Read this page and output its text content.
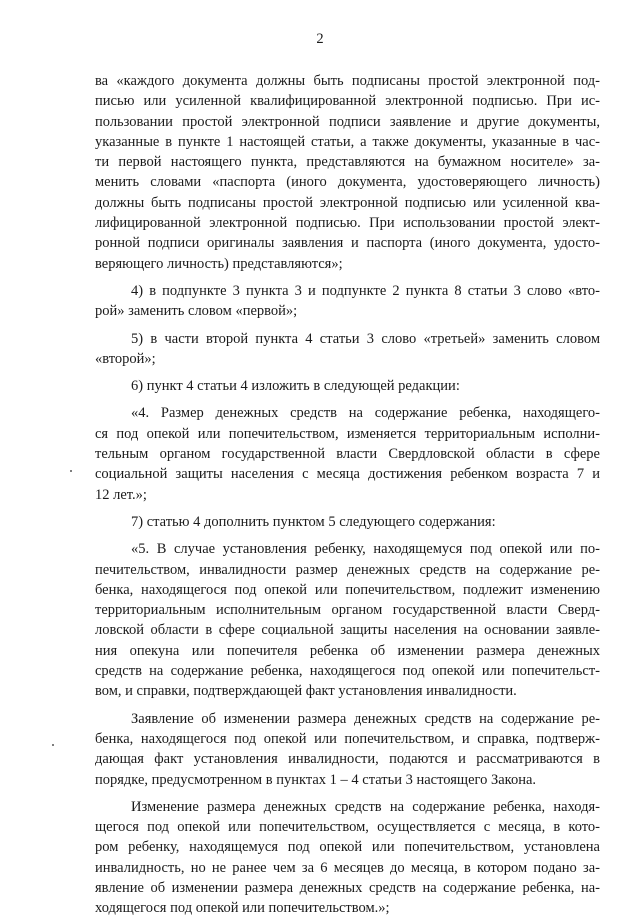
2
ва «каждого документа должны быть подписаны простой электронной под-
писью или усиленной квалифицированной электронной подписью. При ис-
пользовании простой электронной подписи заявление и другие документы,
указанные в пункте 1 настоящей статьи, а также документы, указанные в час-
ти первой настоящего пункта, представляются на бумажном носителе» за-
менить словами «паспорта (иного документа, удостоверяющего личность)
должны быть подписаны простой электронной подписью или усиленной ква-
лифицированной электронной подписью. При использовании простой элект-
ронной подписи оригиналы заявления и паспорта (иного документа, удосто-
веряющего личность) представляются»;
4) в подпункте 3 пункта 3 и подпункте 2 пункта 8 статьи 3 слово «вто-
рой» заменить словом «первой»;
5) в части второй пункта 4 статьи 3 слово «третьей» заменить словом
«второй»;
6) пункт 4 статьи 4 изложить в следующей редакции:
«4. Размер денежных средств на содержание ребенка, находящего-
ся под опекой или попечительством, изменяется территориальным исполни-
тельным органом государственной власти Свердловской области в сфере
социальной защиты населения с месяца достижения ребенком возраста 7 и
12 лет.»;
7) статью 4 дополнить пунктом 5 следующего содержания:
«5. В случае установления ребенку, находящемуся под опекой или по-
печительством, инвалидности размер денежных средств на содержание ре-
бенка, находящегося под опекой или попечительством, подлежит изменению
территориальным исполнительным органом государственной власти Сверд-
ловской области в сфере социальной защиты населения на основании заявле-
ния опекуна или попечителя ребенка об изменении размера денежных
средств на содержание ребенка, находящегося под опекой или попечительст-
вом, и справки, подтверждающей факт установления инвалидности.
Заявление об изменении размера денежных средств на содержание ре-
бенка, находящегося под опекой или попечительством, и справка, подтверж-
дающая факт установления инвалидности, подаются и рассматриваются в
порядке, предусмотренном в пунктах 1 – 4 статьи 3 настоящего Закона.
Изменение размера денежных средств на содержание ребенка, находя-
щегося под опекой или попечительством, осуществляется с месяца, в кото-
ром ребенку, находящемуся под опекой или попечительством, установлена
инвалидность, но не ранее чем за 6 месяцев до месяца, в котором подано за-
явление об изменении размера денежных средств на содержание ребенка, на-
ходящегося под опекой или попечительством.»;
